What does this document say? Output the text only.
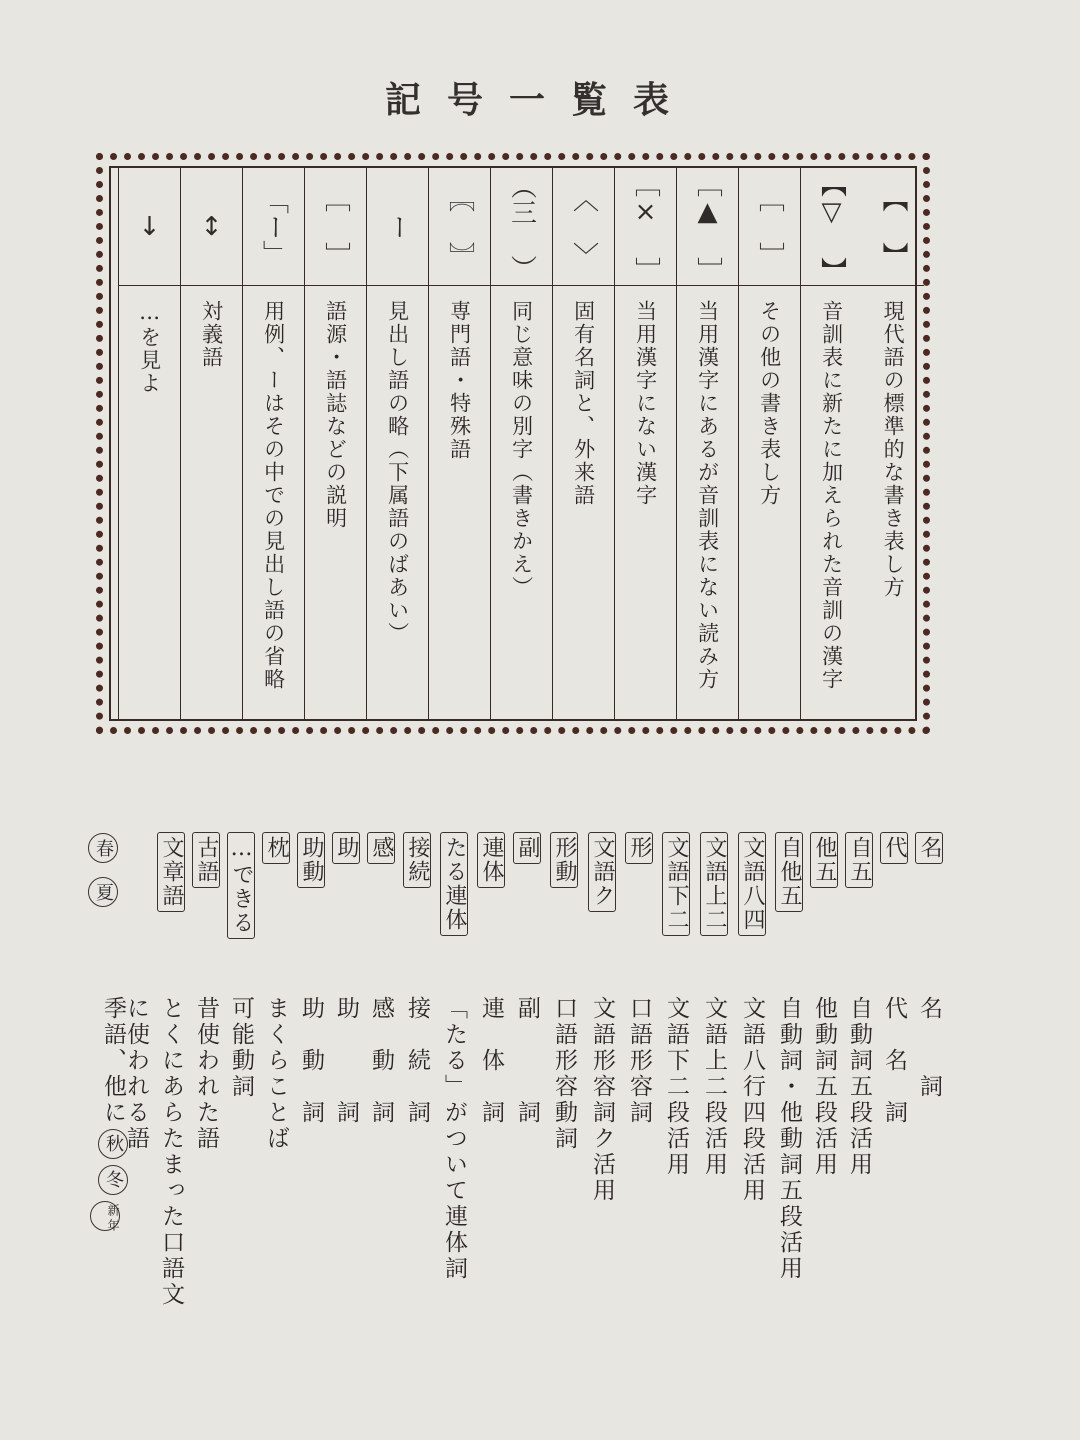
記号一覧表
【 】
現代語の標準的な書き表し方
【▽ 】
音訓表に新たに加えられた音訓の漢字
［ ］
その他の書き表し方
［▲ ］
当用漢字にあるが音訓表にない読み方
［× ］
当用漢字にない漢字
〈 〉
固有名詞と、外来語
（三 ）
同じ意味の別字（書きかえ）
〖 〗
専門語・特殊語
ー
見出し語の略（下属語のばあい）
［ ］
語源・語誌などの説明
「ー」
用例、ーはその中での見出し語の省略
↕
対義語
↓
…を見よ
名
名　　詞
代
代　名　詞
自五
自動詞五段活用
他五
他動詞五段活用
自他五
自動詞・他動詞五段活用
文語八四
文語八行四段活用
文語上二
文語上二段活用
文語下二
文語下二段活用
形
口語形容詞
文語ク
文語形容詞ク活用
形動
口語形容動詞
副
副　　　詞
連体
連　体　詞
たる連体
「たる」がついて連体詞
接続
接　続　詞
感
感　動　詞
助
助　　　詞
助動
助　動　詞
枕
まくらことば
…できる
可能動詞
古語
昔使われた語
文章語
とくにあらたまった口語文
に使われる語
春
夏
季語、他に秋冬新年
